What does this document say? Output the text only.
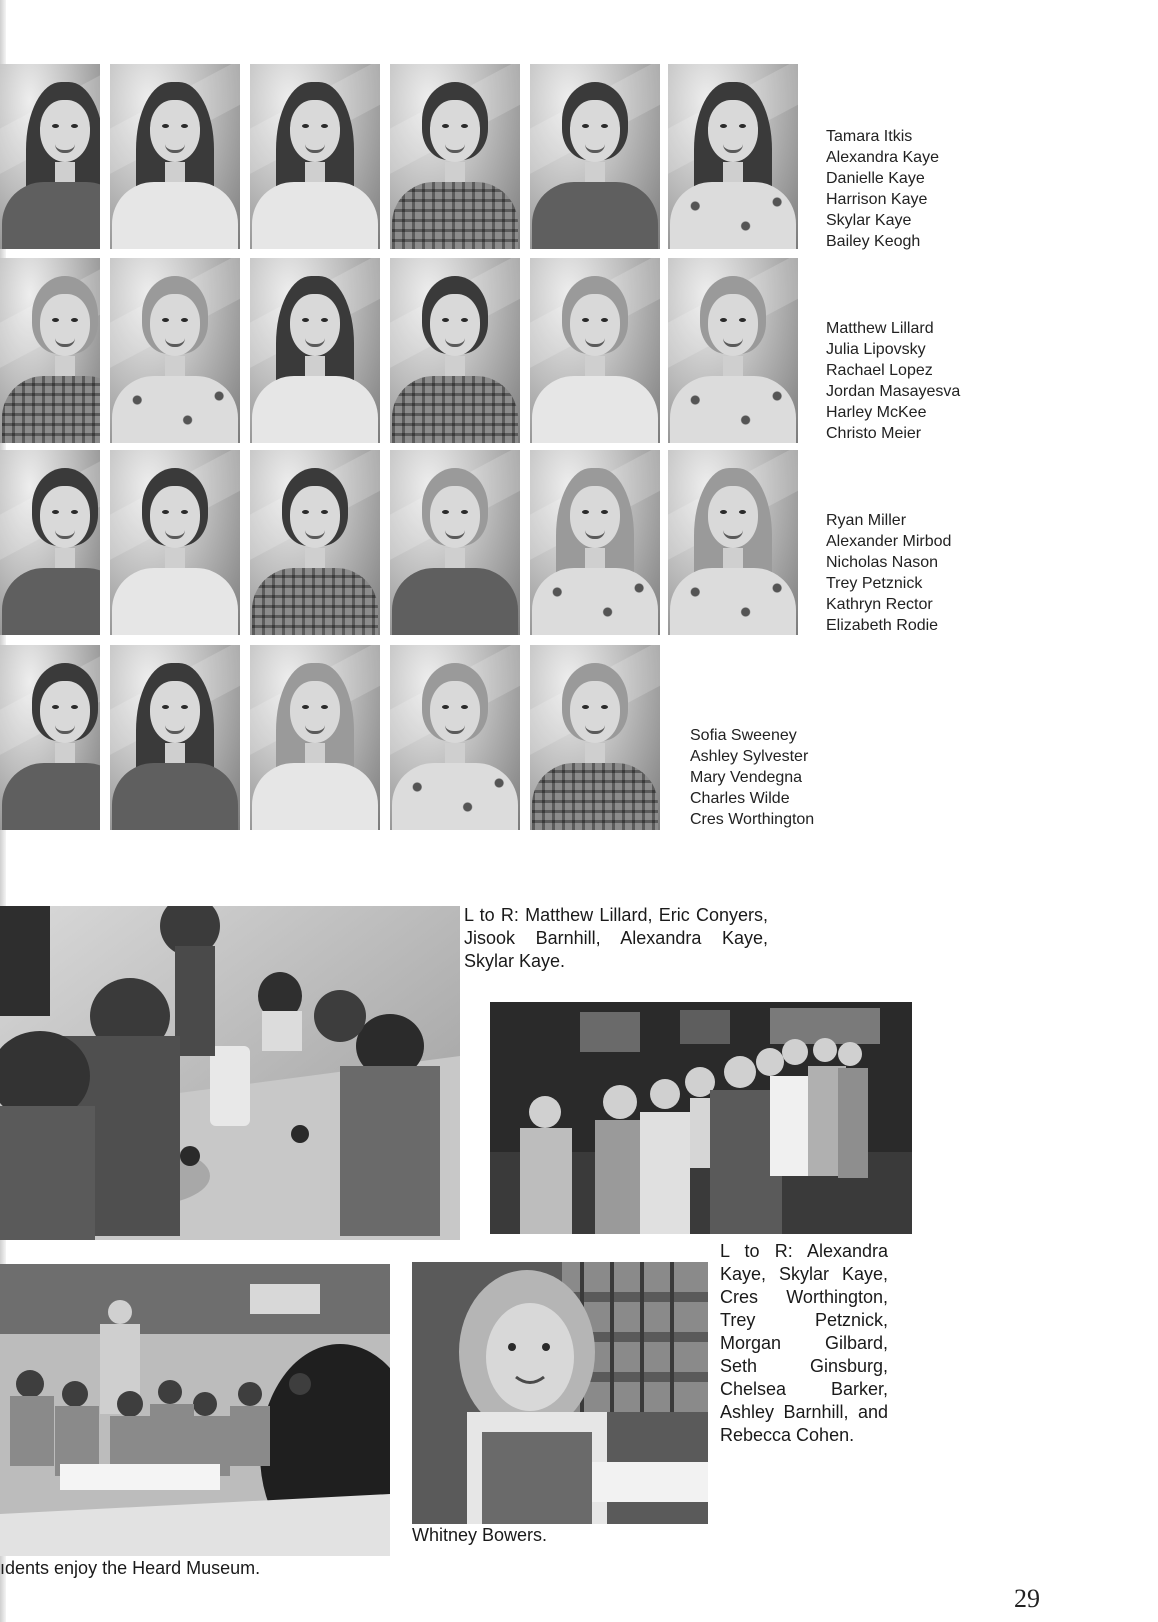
Tamara Itkis
Alexandra Kaye
Danielle Kaye
Harrison Kaye
Skylar Kaye
Bailey Keogh
Matthew Lillard
Julia Lipovsky
Rachael Lopez
Jordan Masayesva
Harley McKee
Christo Meier
Ryan Miller
Alexander Mirbod
Nicholas Nason
Trey Petznick
Kathryn Rector
Elizabeth Rodie
Sofia Sweeney
Ashley Sylvester
Mary Vendegna
Charles Wilde
Cres Worthington

L to R: Matthew Lillard, Eric Conyers, Jisook Barnhill, Alexandra Kaye, Skylar Kaye.

ıdents enjoy the Heard Museum.

Whitney Bowers.

L to R: Alexandra Kaye, Skylar Kaye, Cres Worthington, Trey Petznick, Morgan Gilbard, Seth Ginsburg, Chelsea Barker, Ashley Barnhill, and Rebecca Cohen.

29
